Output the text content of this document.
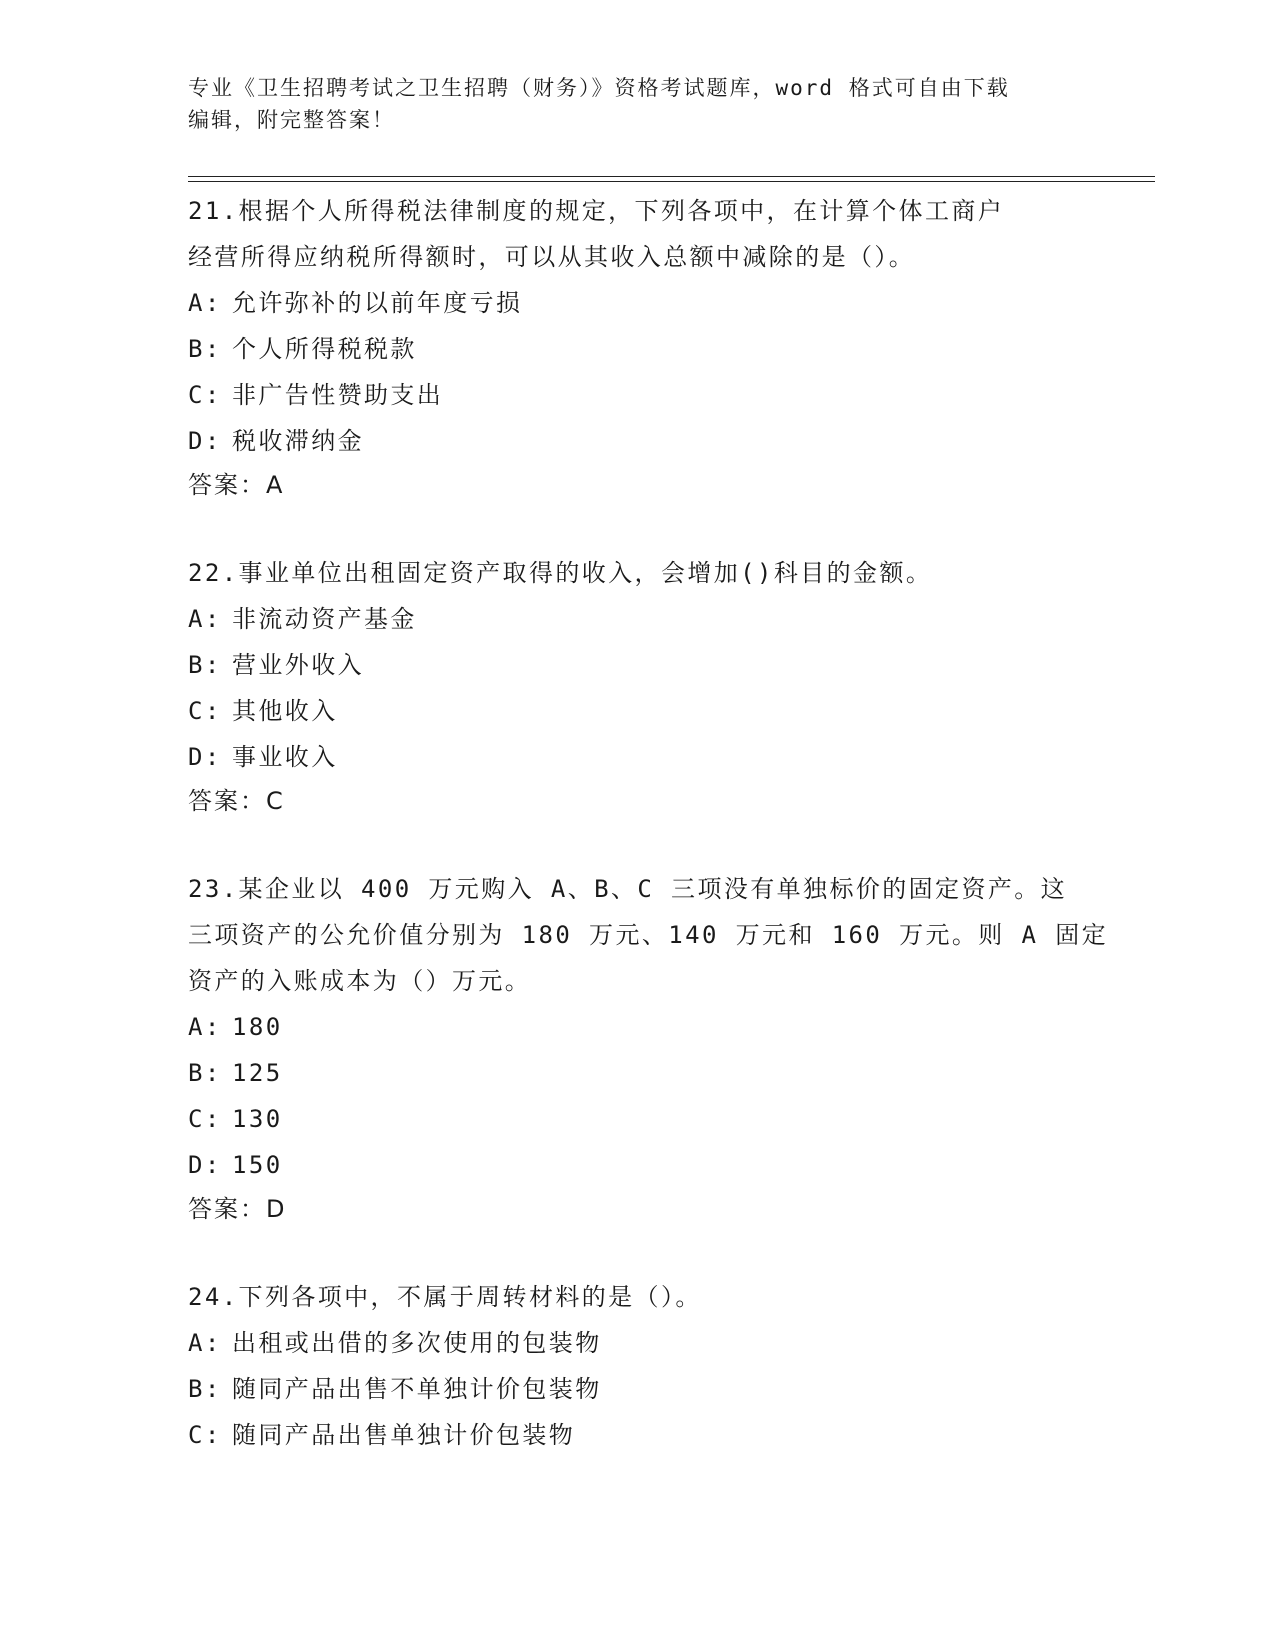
专业《卫生招聘考试之卫生招聘（财务）》资格考试题库，word 格式可自由下载
编辑，附完整答案！
21.根据个人所得税法律制度的规定，下列各项中，在计算个体工商户
经营所得应纳税所得额时，可以从其收入总额中减除的是（）。
A: 允许弥补的以前年度亏损
B: 个人所得税税款
C: 非广告性赞助支出
D: 税收滞纳金
答案：A
22.事业单位出租固定资产取得的收入，会增加()科目的金额。
A: 非流动资产基金
B: 营业外收入
C: 其他收入
D: 事业收入
答案：C
23.某企业以 400 万元购入 A、B、C 三项没有单独标价的固定资产。这
三项资产的公允价值分别为 180 万元、140 万元和 160 万元。则 A 固定
资产的入账成本为（）万元。
A: 180
B: 125
C: 130
D: 150
答案：D
24.下列各项中，不属于周转材料的是（）。
A: 出租或出借的多次使用的包装物
B: 随同产品出售不单独计价包装物
C: 随同产品出售单独计价包装物
